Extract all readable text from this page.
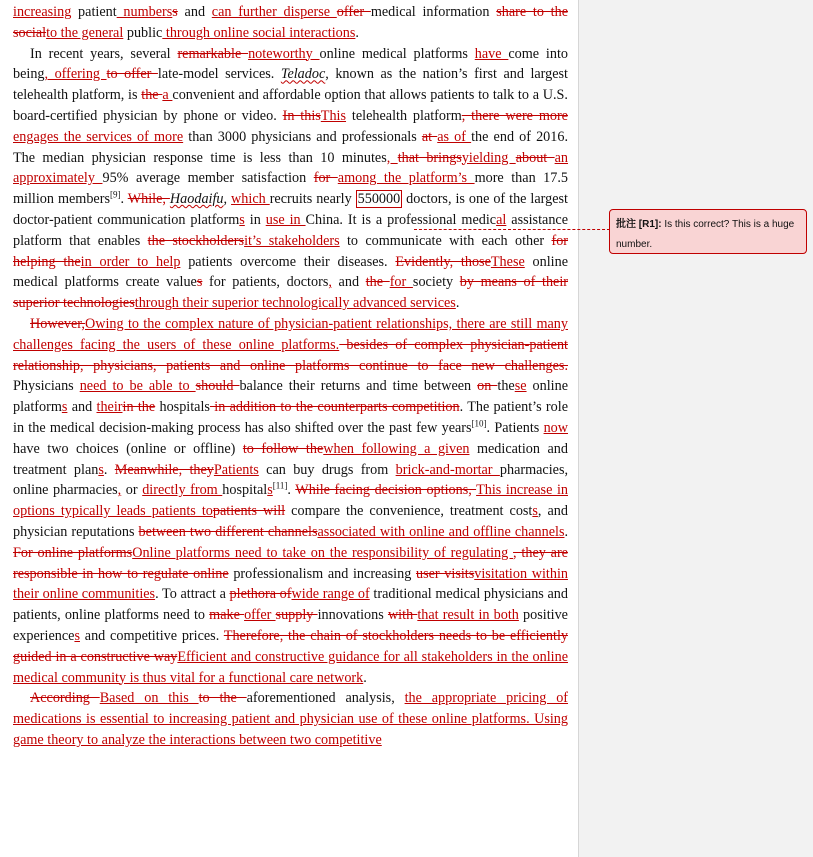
increasing patient numberss and can further disperse offer medical information share to the socialto the general public through online social interactions.

In recent years, several remarkable noteworthy online medical platforms have come into being, offering to offer late-model services. Teladoc, known as the nation’s first and largest telehealth platform, is the a convenient and affordable option that allows patients to talk to a U.S. board-certified physician by phone or video. In thisThis telehealth platform, there were more engages the services of more than 3000 physicians and professionals at as of the end of 2016. The median physician response time is less than 10 minutes, that bringsyielding about an approximately 95% average member satisfaction for among the platform’s more than 17.5 million members[9]. While, Haodaifu, which recruits nearly 550000 doctors, is one of the largest doctor-patient communication platforms in use in China. It is a professional medical assistance platform that enables the stockholdersit’s stakeholders to communicate with each other for helping thein order to help patients overcome their diseases. Evidently, thoseThese online medical platforms create values for patients, doctors, and the for society by means of their superior technologiesthrough their superior technologically advanced services.

However,Owing to the complex nature of physician-patient relationships, there are still many challenges facing the users of these online platforms. besides of complex physician-patient relationship, physicians, patients and online platforms continue to face new challenges. Physicians need to be able to should balance their returns and time between on these online platforms and theirin the hospitals in addition to the counterparts competition. The patient’s role in the medical decision-making process has also shifted over the past few years[10]. Patients now have two choices (online or offline) to follow thewhen following a given medication and treatment plans. Meanwhile, theyPatients can buy drugs from brick-and-mortar pharmacies, online pharmacies, or directly from hospitals[11]. While facing decision options, This increase in options typically leads patients topatients will compare the convenience, treatment costs, and physician reputations between two different channelsassociated with online and offline channels. For online platformsOnline platforms need to take on the responsibility of regulating , they are responsible in how to regulate online professionalism and increasing user visitsvisitation within their online communities. To attract a plethora ofwide range of traditional medical physicians and patients, online platforms need to make offer supply innovations with that result in both positive experiences and competitive prices. Therefore, the chain of stockholders needs to be efficiently guided in a constructive wayEfficient and constructive guidance for all stakeholders in the online medical community is thus vital for a functional care network.

According Based on this to the aforementioned analysis, the appropriate pricing of medications is essential to increasing patient and physician use of these online platforms. Using game theory to analyze the interactions between two competitive

批注 [R1]: Is this correct? This is a huge number.
